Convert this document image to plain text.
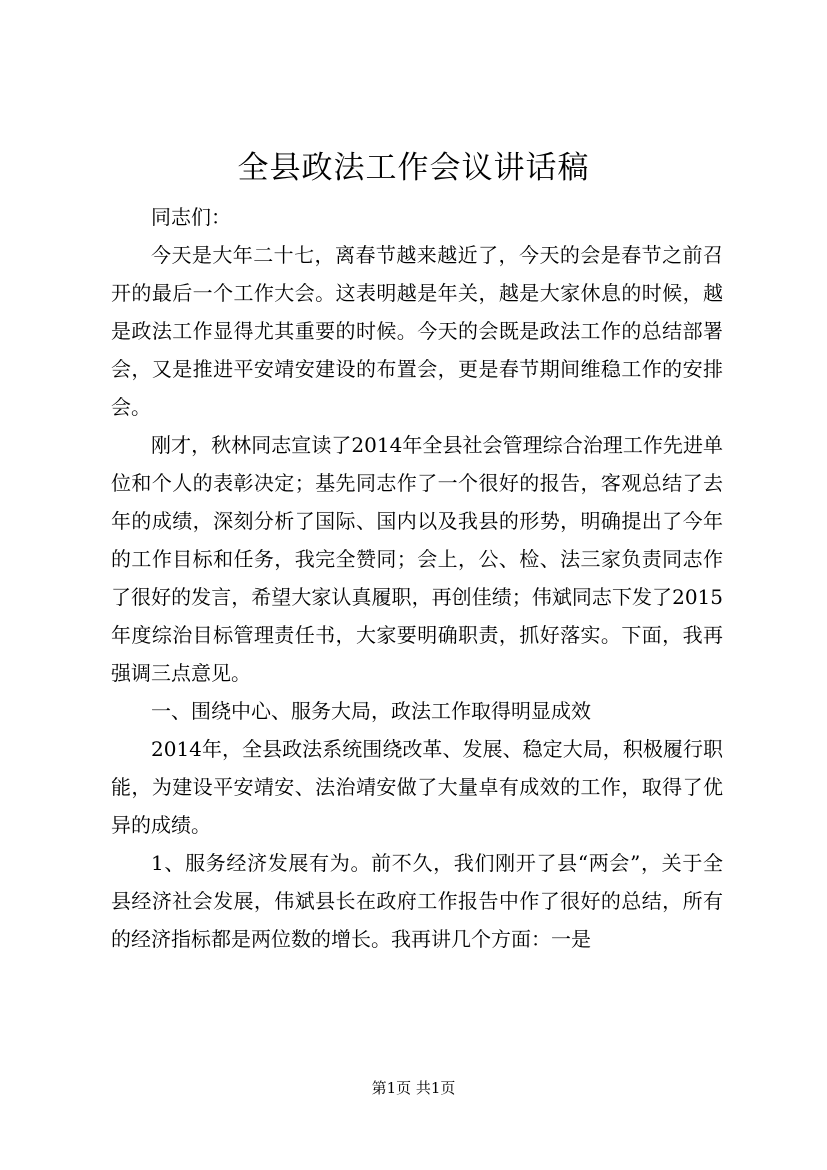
全县政法工作会议讲话稿

同志们：

今天是大年二十七，离春节越来越近了，今天的会是春节之前召开的最后一个工作大会。这表明越是年关，越是大家休息的时候，越是政法工作显得尤其重要的时候。今天的会既是政法工作的总结部署会，又是推进平安靖安建设的布置会，更是春节期间维稳工作的安排会。

刚才，秋林同志宣读了2014年全县社会管理综合治理工作先进单位和个人的表彰决定；基先同志作了一个很好的报告，客观总结了去年的成绩，深刻分析了国际、国内以及我县的形势，明确提出了今年的工作目标和任务，我完全赞同；会上，公、检、法三家负责同志作了很好的发言，希望大家认真履职，再创佳绩；伟斌同志下发了2015年度综治目标管理责任书，大家要明确职责，抓好落实。下面，我再强调三点意见。

一、围绕中心、服务大局，政法工作取得明显成效

2014年，全县政法系统围绕改革、发展、稳定大局，积极履行职能，为建设平安靖安、法治靖安做了大量卓有成效的工作，取得了优异的成绩。

1、服务经济发展有为。前不久，我们刚开了县“两会”，关于全县经济社会发展，伟斌县长在政府工作报告中作了很好的总结，所有的经济指标都是两位数的增长。我再讲几个方面：一是

第1页 共1页
